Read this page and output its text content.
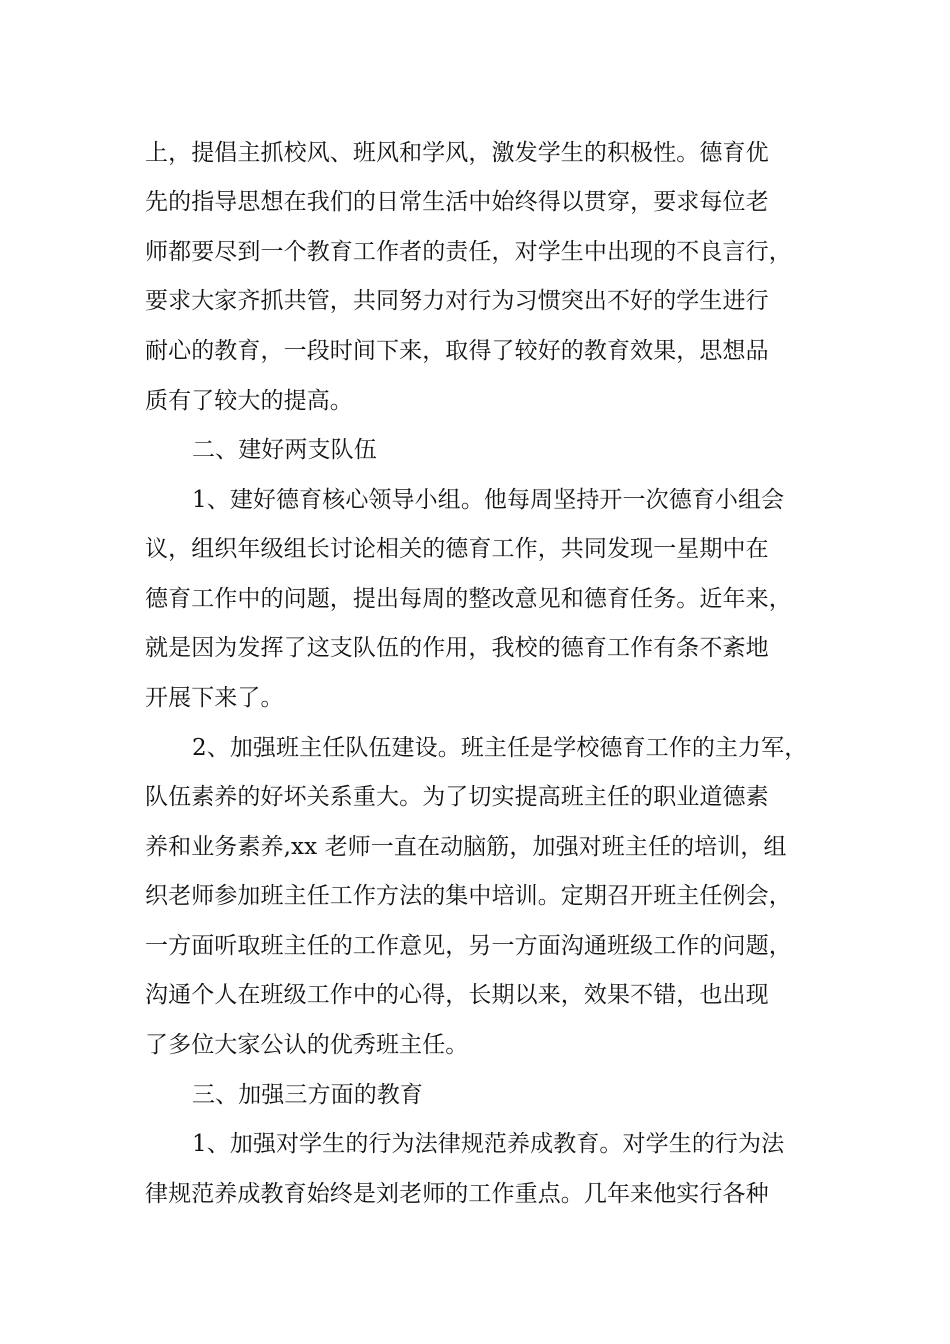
上，提倡主抓校风、班风和学风，激发学生的积极性。德育优
先的指导思想在我们的日常生活中始终得以贯穿，要求每位老
师都要尽到一个教育工作者的责任，对学生中出现的不良言行，
要求大家齐抓共管，共同努力对行为习惯突出不好的学生进行
耐心的教育，一段时间下来，取得了较好的教育效果，思想品
质有了较大的提高。
二、建好两支队伍
1、建好德育核心领导小组。他每周坚持开一次德育小组会
议，组织年级组长讨论相关的德育工作，共同发现一星期中在
德育工作中的问题，提出每周的整改意见和德育任务。近年来，
就是因为发挥了这支队伍的作用，我校的德育工作有条不紊地
开展下来了。
2、加强班主任队伍建设。班主任是学校德育工作的主力军，
队伍素养的好坏关系重大。为了切实提高班主任的职业道德素
养和业务素养,xx 老师一直在动脑筋，加强对班主任的培训，组
织老师参加班主任工作方法的集中培训。定期召开班主任例会，
一方面听取班主任的工作意见，另一方面沟通班级工作的问题，
沟通个人在班级工作中的心得，长期以来，效果不错，也出现
了多位大家公认的优秀班主任。
三、加强三方面的教育
1、加强对学生的行为法律规范养成教育。对学生的行为法
律规范养成教育始终是刘老师的工作重点。几年来他实行各种
